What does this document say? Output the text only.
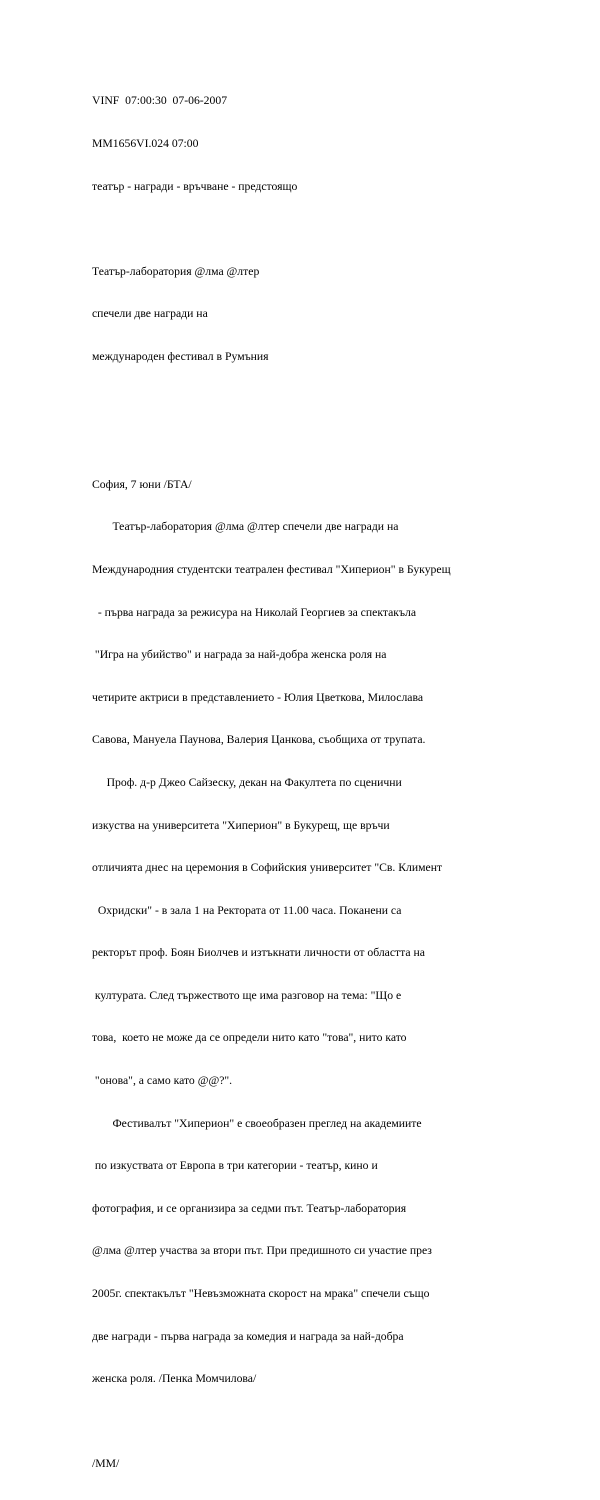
VINF  07:00:30  07-06-2007

MM1656VI.024 07:00

театър - награди - връчване - предстоящо

Театър-лаборатория @лма @лтер

спечели две награди на

международен фестивал в Румъния

София, 7 юни /БТА/

Театър-лаборатория @лма @лтер спечели две награди на

Международния студентски театрален фестивал "Хиперион" в Букурещ

- първа награда за режисура на Николай Георгиев за спектакъла

"Игра на убийство" и награда за най-добра женска роля на

четирите актриси в представлението - Юлия Цветкова, Милослава

Савова, Мануела Паунова, Валерия Цанкова, съобщиха от трупата.

Проф. д-р Джео Сайзеску, декан на Факултета по сценични

изкуства на университета "Хиперион" в Букурещ, ще връчи

отличията днес на церемония в Софийския университет "Св. Климент

Охридски" - в зала 1 на Ректората от 11.00 часа. Поканени са

ректорът проф. Боян Биолчев и изтъкнати личности от областта на

културата. След тържеството ще има разговор на тема: "Що е

това,  което не може да се определи нито като "това", нито като

"онова", а само като @@?".

Фестивалът "Хиперион" е своеобразен преглед на академиите

по изкуствата от Европа в три категории - театър, кино и

фотография, и се организира за седми път. Театър-лаборатория

@лма @лтер участва за втори път. При предишното си участие през

2005г. спектакълът "Невъзможната скорост на мрака" спечели също

две награди - първа награда за комедия и награда за най-добра

женска роля. /Пенка Момчилова/

/ММ/
